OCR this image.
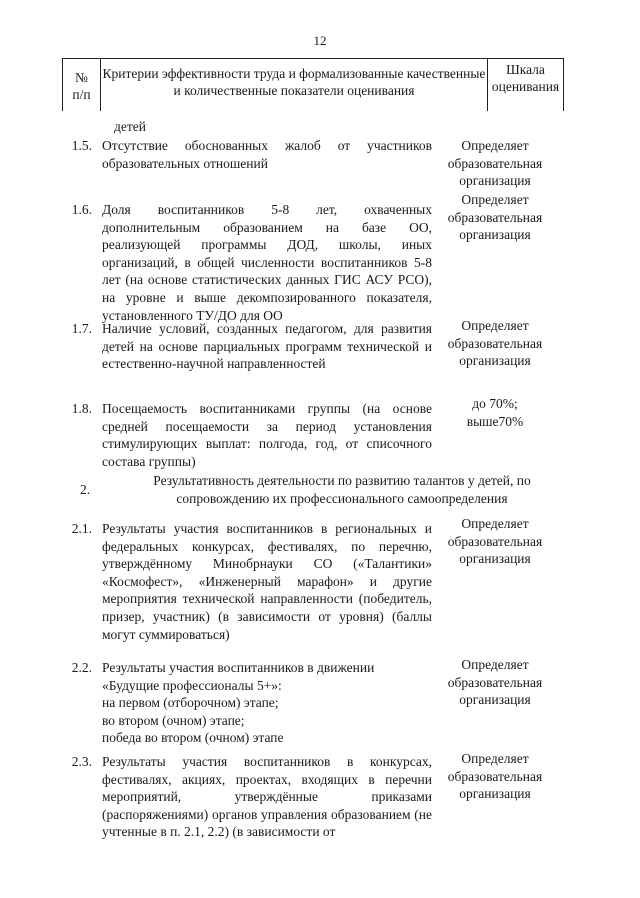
12
№
п/п
Критерии эффективности труда и формализованные качественные и количественные показатели оценивания
Шкала оценивания
детей
1.5. Отсутствие обоснованных жалоб от участников образовательных отношений
Определяет образовательная организация
1.6. Доля воспитанников 5-8 лет, охваченных дополнительным образованием на базе ОО, реализующей программы ДОД, школы, иных организаций, в общей численности воспитанников 5-8 лет (на основе статистических данных ГИС АСУ РСО), на уровне и выше декомпозированного показателя, установленного ТУ/ДО для ОО
Определяет образовательная организация
1.7. Наличие условий, созданных педагогом, для развития детей на основе парциальных программ технической и естественно-научной направленностей
Определяет образовательная организация
1.8. Посещаемость воспитанниками группы (на основе средней посещаемости за период установления стимулирующих выплат: полгода, год, от списочного состава группы)
до 70%;
выше70%
2.
Результативность деятельности по развитию талантов у детей, по сопровождению их профессионального самоопределения
2.1. Результаты участия воспитанников в региональных и федеральных конкурсах, фестивалях, по перечню, утверждённому Минобрнауки СО («Талантики» «Космофест», «Инженерный марафон» и другие мероприятия технической направленности (победитель, призер, участник) (в зависимости от уровня) (баллы могут суммироваться)
Определяет образовательная организация
2.2. Результаты участия воспитанников в движении «Будущие профессионалы 5+»:
на первом (отборочном) этапе;
во втором (очном) этапе;
победа во втором (очном) этапе
Определяет образовательная организация
2.3. Результаты участия воспитанников в конкурсах, фестивалях, акциях, проектах, входящих в перечни мероприятий, утверждённые приказами (распоряжениями) органов управления образованием (не учтенные в п. 2.1, 2.2) (в зависимости от
Определяет образовательная организация
